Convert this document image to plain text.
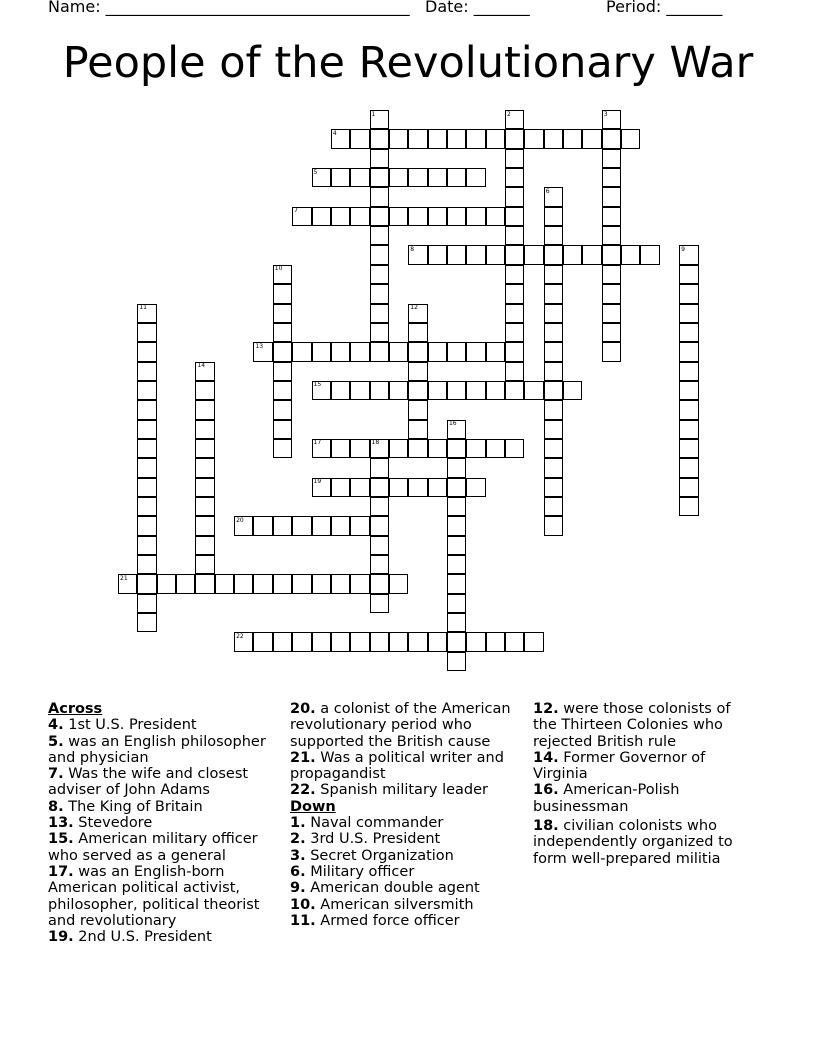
Name: ______________________________________ Date: _______	Period: _______
People of the Revolutionary War
1	2	3
4
5
6
7
8	9
10
11	12
13
14
15
16
17	18
19
20
21
22
Across
4. 1st U.S. President
5. was an English philosopher and physician
7. Was the wife and closest adviser of John Adams
8. The King of Britain
13. Stevedore
15. American military officer who served as a general
17. was an English-born American political activist, philosopher, political theorist and revolutionary
19. 2nd U.S. President
20. a colonist of the American revolutionary period who supported the British cause
21. Was a political writer and propagandist
22. Spanish military leader
Down
1. Naval commander
2. 3rd U.S. President
3. Secret Organization
6. Military officer
9. American double agent
10. American silversmith
11. Armed force officer
12. were those colonists of the Thirteen Colonies who rejected British rule
14. Former Governor of Virginia
16. American-Polish businessman
18. civilian colonists who independently organized to form well-prepared militia
